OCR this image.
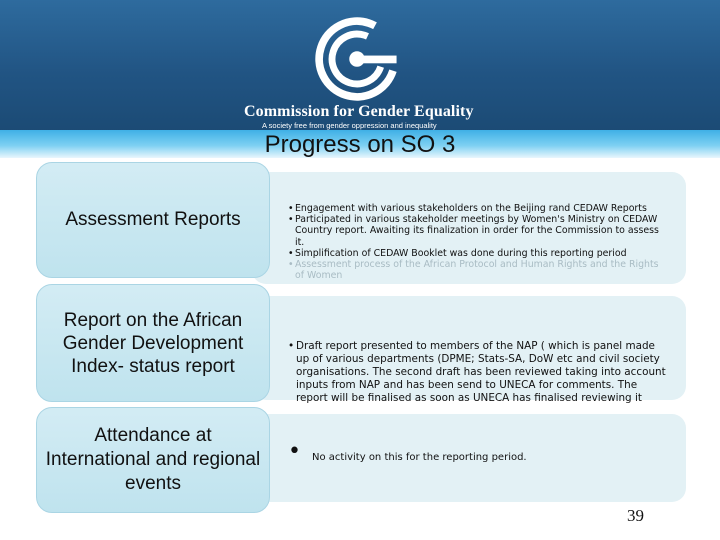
Commission for Gender Equality
A society free from gender oppression and inequality
Progress on SO 3
Assessment Reports
• Engagement with various stakeholders on the Beijing rand CEDAW Reports
• Participated in various stakeholder meetings by Women's Ministry on CEDAW Country report. Awaiting its finalization in order for the Commission to assess it.
• Simplification of CEDAW Booklet was done during this reporting period
• Assessment process of the African Protocol and Human Rights and the Rights of Women
Report on the African Gender Development Index- status report
• Draft report presented to members of the NAP ( which is panel made up of various departments (DPME; Stats-SA, DoW etc and civil society organisations. The second draft has been reviewed taking into account inputs from NAP and has been send to UNECA for comments. The report will be finalised as soon as UNECA has finalised reviewing it
Attendance at International and regional events
• No activity on this for the reporting period.
39
